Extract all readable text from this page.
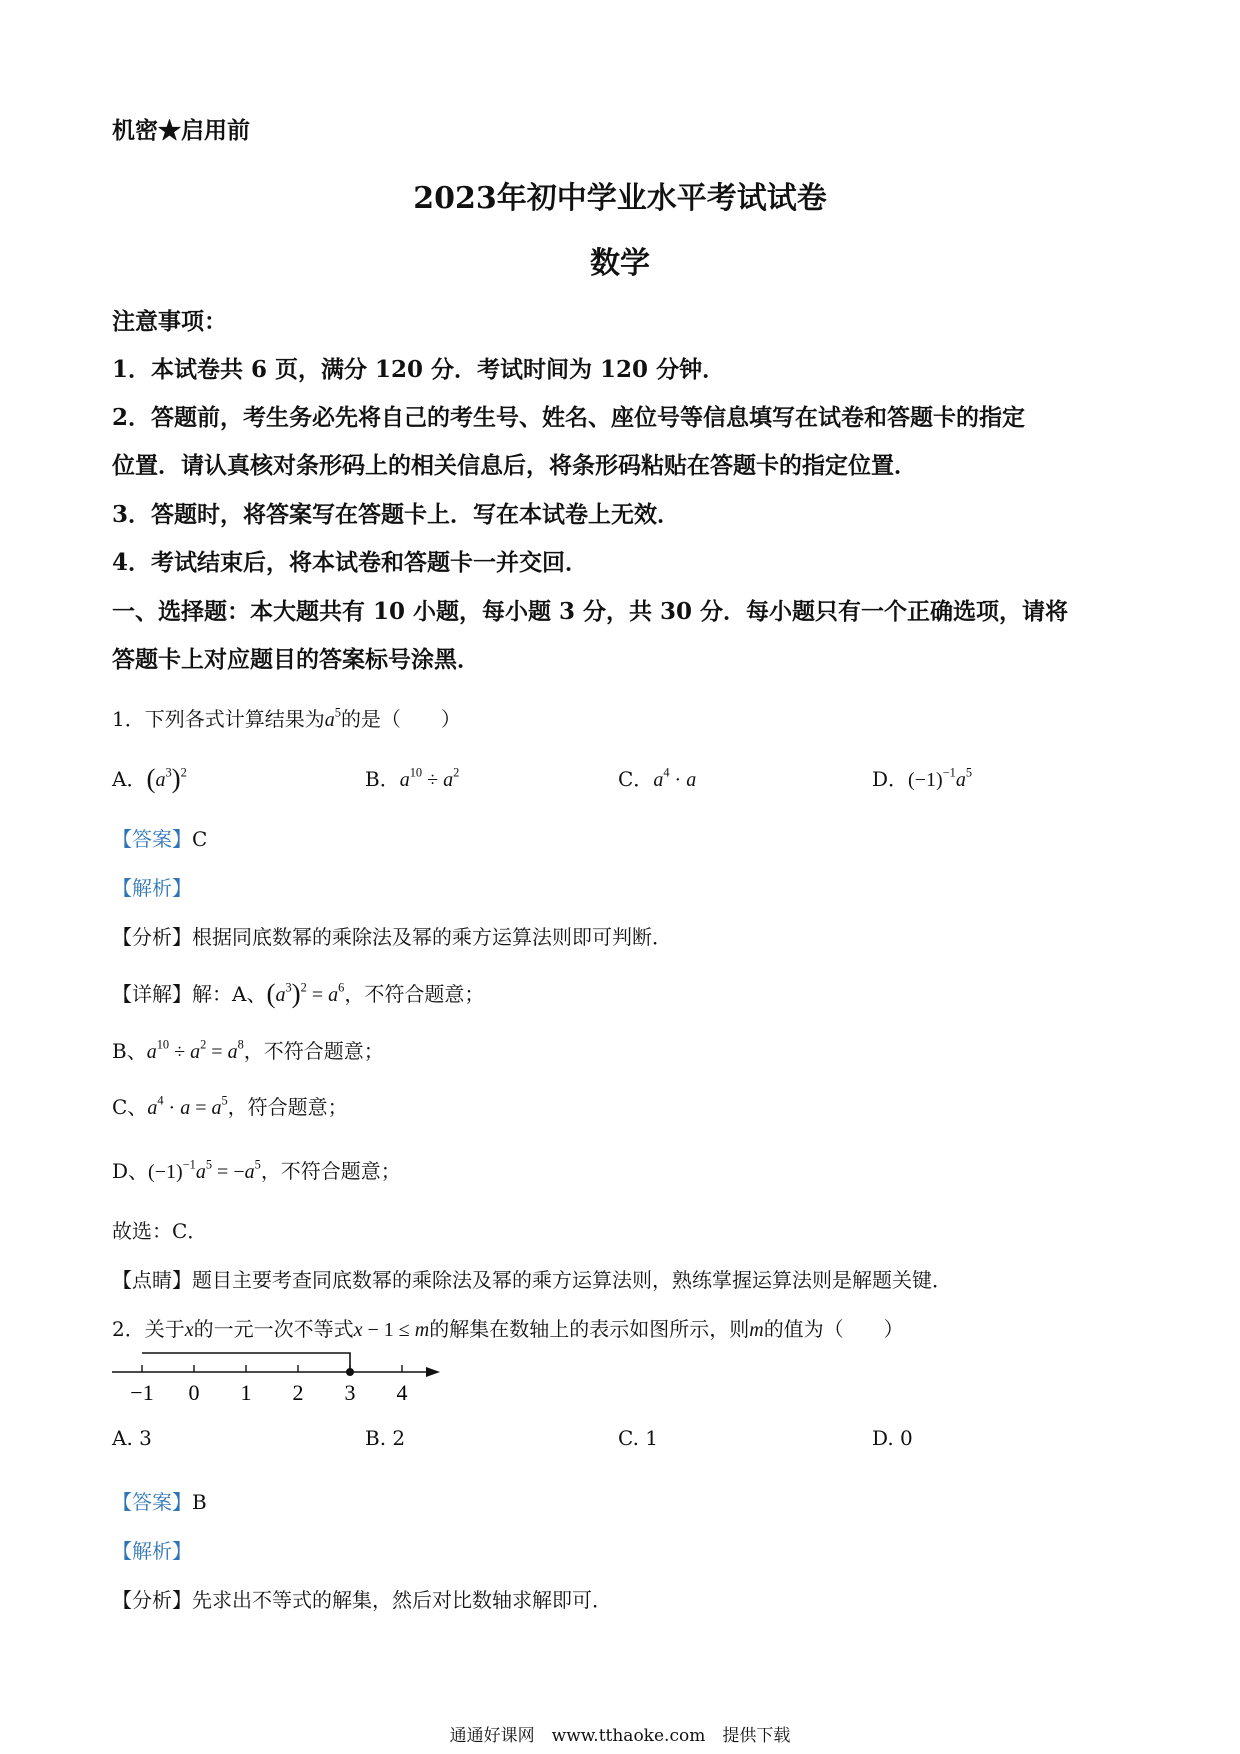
机密★启用前
2023年初中学业水平考试试卷
数学
注意事项：
1．本试卷共 6 页，满分 120 分．考试时间为 120 分钟．
2．答题前，考生务必先将自己的考生号、姓名、座位号等信息填写在试卷和答题卡的指定
位置．请认真核对条形码上的相关信息后，将条形码粘贴在答题卡的指定位置．
3．答题时，将答案写在答题卡上．写在本试卷上无效．
4．考试结束后，将本试卷和答题卡一并交回．
一、选择题：本大题共有 10 小题，每小题 3 分，共 30 分．每小题只有一个正确选项，请将
答题卡上对应题目的答案标号涂黑．
1．下列各式计算结果为$a^5$的是（　　）
A．$(a^3)^2$	B．$a^{10} \div a^2$	C．$a^4 \cdot a$	D．$(-1)^{-1}a^5$
【答案】C
【解析】
【分析】根据同底数幂的乘除法及幂的乘方运算法则即可判断．
【详解】解：A、$(a^3)^2 = a^6$，不符合题意；
B、$a^{10} \div a^2 = a^8$，不符合题意；
C、$a^4 \cdot a = a^5$，符合题意；
D、$(-1)^{-1}a^5 = -a^5$，不符合题意；
故选：C．
【点睛】题目主要考查同底数幂的乘除法及幂的乘方运算法则，熟练掌握运算法则是解题关键．
2．关于x的一元一次不等式x − 1 ≤ m的解集在数轴上的表示如图所示，则m的值为（　　）
−1 0 1 2 3 4
A. 3	B. 2	C. 1	D. 0
【答案】B
【解析】
【分析】先求出不等式的解集，然后对比数轴求解即可．
通通好课网　www.tthaoke.com　提供下载
